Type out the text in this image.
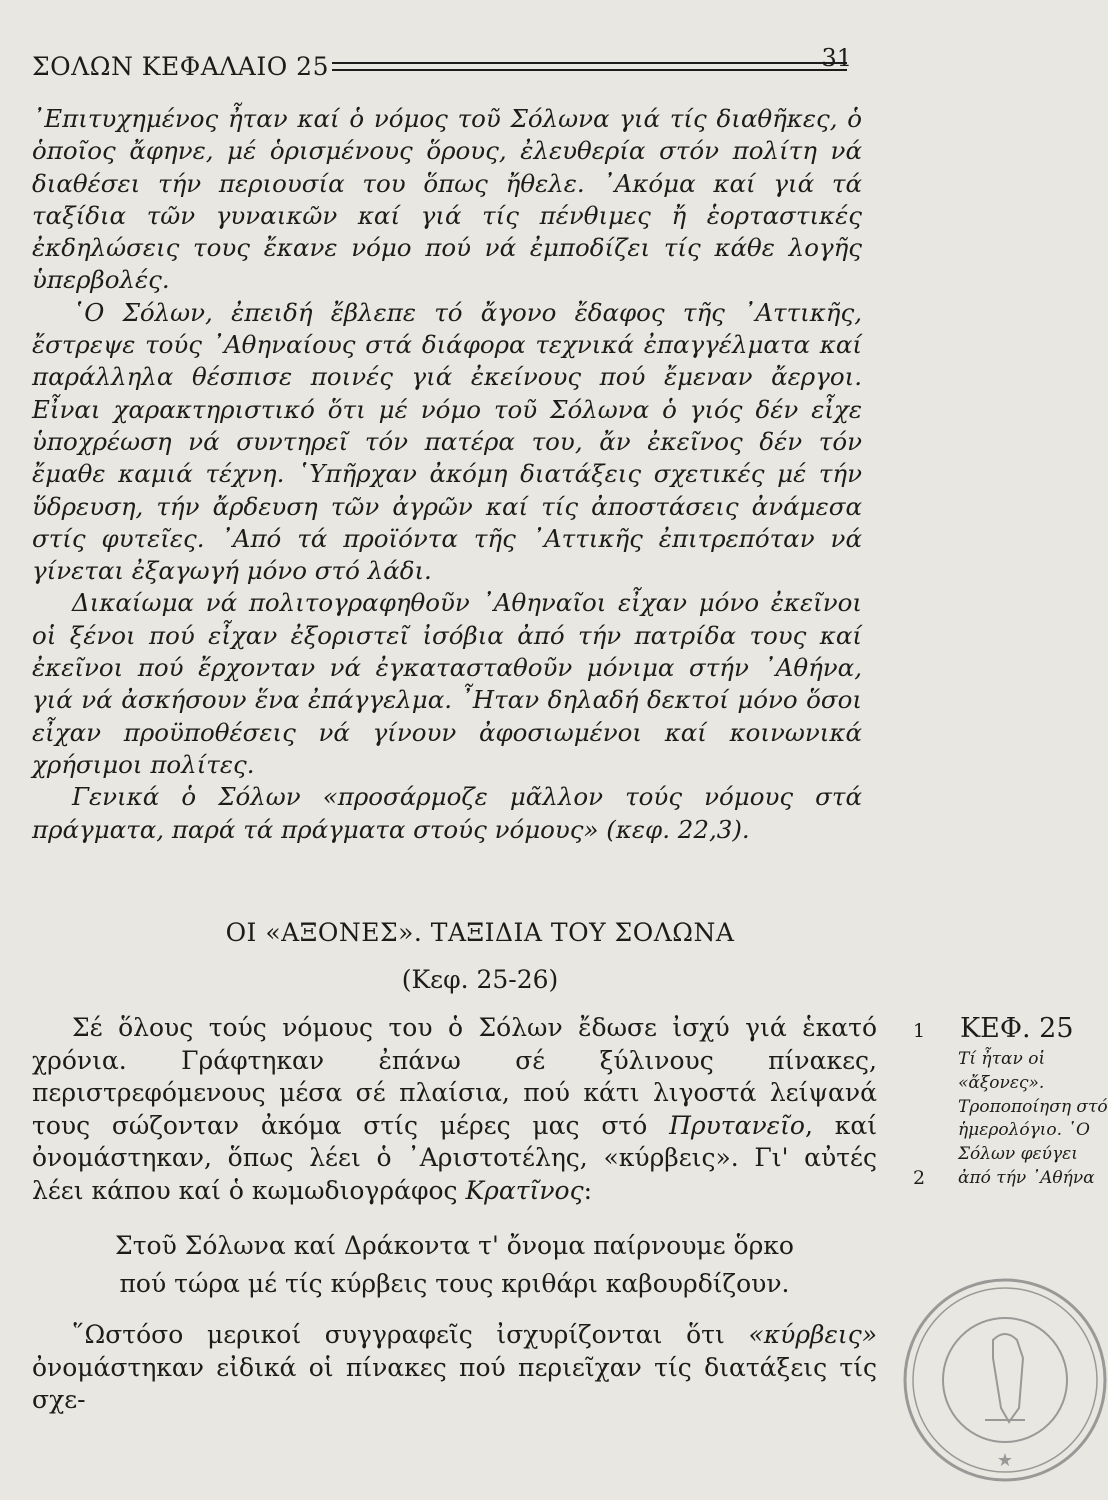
ΣΟΛΩΝ ΚΕΦΑΛΑΙΟ 25	31

᾿Επιτυχημένος ἦταν καί ὁ νόμος τοῦ Σόλωνα γιά τίς διαθῆκες, ὁ ὁποῖος ἄφηνε, μέ ὁρισμένους ὅρους, ἐλευθερία στόν πολίτη νά διαθέσει τήν περιουσία του ὅπως ἤθελε. ᾿Ακόμα καί γιά τά ταξίδια τῶν γυναικῶν καί γιά τίς πένθιμες ἤ ἑορταστικές ἐκδηλώσεις τους ἔκανε νόμο πού νά ἐμποδίζει τίς κάθε λογῆς ὑπερβολές.

῾Ο Σόλων, ἐπειδή ἔβλεπε τό ἄγονο ἔδαφος τῆς ᾿Αττικῆς, ἔστρεψε τούς ᾿Αθηναίους στά διάφορα τεχνικά ἐπαγγέλματα καί παράλληλα θέσπισε ποινές γιά ἐκείνους πού ἔμεναν ἄεργοι. Εἶναι χαρακτηριστικό ὅτι μέ νόμο τοῦ Σόλωνα ὁ γιός δέν εἶχε ὑποχρέωση νά συντηρεῖ τόν πατέρα του, ἄν ἐκεῖνος δέν τόν ἔμαθε καμιά τέχνη. ῾Υπῆρχαν ἀκόμη διατάξεις σχετικές μέ τήν ὕδρευση, τήν ἄρδευση τῶν ἀγρῶν καί τίς ἀποστάσεις ἀνάμεσα στίς φυτεῖες. ᾿Από τά προϊόντα τῆς ᾿Αττικῆς ἐπιτρεπόταν νά γίνεται ἐξαγωγή μόνο στό λάδι.

Δικαίωμα νά πολιτογραφηθοῦν ᾿Αθηναῖοι εἶχαν μόνο ἐκεῖνοι οἱ ξένοι πού εἶχαν ἐξοριστεῖ ἰσόβια ἀπό τήν πατρίδα τους καί ἐκεῖνοι πού ἔρχονταν νά ἐγκατασταθοῦν μόνιμα στήν ᾿Αθήνα, γιά νά ἀσκήσουν ἕνα ἐπάγγελμα. ῏Ηταν δηλαδή δεκτοί μόνο ὅσοι εἶχαν προϋποθέσεις νά γίνουν ἀφοσιωμένοι καί κοινωνικά χρήσιμοι πολίτες.

Γενικά ὁ Σόλων «προσάρμοζε μᾶλλον τούς νόμους στά πράγματα, παρά τά πράγματα στούς νόμους» (κεφ. 22,3).

ΟΙ «ΑΞΟΝΕΣ». ΤΑΞΙΔΙΑ ΤΟΥ ΣΟΛΩΝΑ
(Κεφ. 25-26)

Σέ ὅλους τούς νόμους του ὁ Σόλων ἔδωσε ἰσχύ γιά ἑκατό χρόνια. Γράφτηκαν ἐπάνω σέ ξύλινους πίνακες, περιστρεφόμενους μέσα σέ πλαίσια, πού κάτι λιγοστά λείψανά τους σώζονταν ἀκόμα στίς μέρες μας στό Πρυτανεῖο, καί ὀνομάστηκαν, ὅπως λέει ὁ ᾿Αριστοτέλης, «κύρβεις». Γι' αὐτές λέει κάπου καί ὁ κωμωδιογράφος Κρατῖνος:

Στοῦ Σόλωνα καί Δράκοντα τ' ὄνομα παίρνουμε ὅρκο
πού τώρα μέ τίς κύρβεις τους κριθάρι καβουρδίζουν.

῞Ωστόσο μερικοί συγγραφεῖς ἰσχυρίζονται ὅτι «κύρβεις» ὀνομάστηκαν εἰδικά οἱ πίνακες πού περιεῖχαν τίς διατάξεις τίς σχε-

1
2
ΚΕΦ. 25
Τί ἦταν οἱ «ἄξονες». Τροποποίηση στό ἡμερολόγιο. ῾Ο Σόλων φεύγει ἀπό τήν ᾿Αθήνα
★
